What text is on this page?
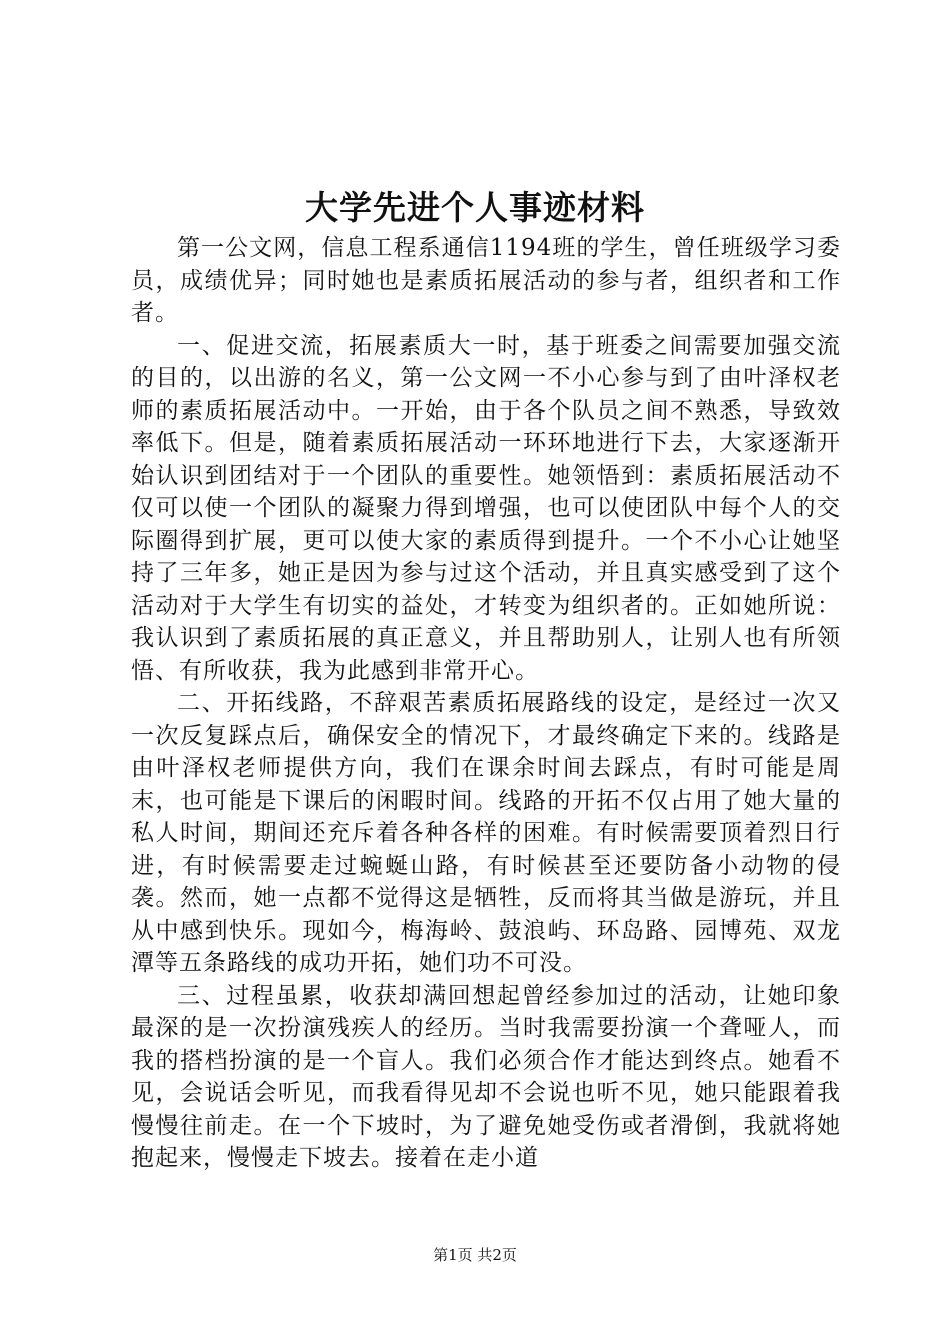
大学先进个人事迹材料

第一公文网，信息工程系通信1194班的学生，曾任班级学习委员，成绩优异；同时她也是素质拓展活动的参与者，组织者和工作者。

一、促进交流，拓展素质大一时，基于班委之间需要加强交流的目的，以出游的名义，第一公文网一不小心参与到了由叶泽权老师的素质拓展活动中。一开始，由于各个队员之间不熟悉，导致效率低下。但是，随着素质拓展活动一环环地进行下去，大家逐渐开始认识到团结对于一个团队的重要性。她领悟到：素质拓展活动不仅可以使一个团队的凝聚力得到增强，也可以使团队中每个人的交际圈得到扩展，更可以使大家的素质得到提升。一个不小心让她坚持了三年多，她正是因为参与过这个活动，并且真实感受到了这个活动对于大学生有切实的益处，才转变为组织者的。正如她所说：我认识到了素质拓展的真正意义，并且帮助别人，让别人也有所领悟、有所收获，我为此感到非常开心。

二、开拓线路，不辞艰苦素质拓展路线的设定，是经过一次又一次反复踩点后，确保安全的情况下，才最终确定下来的。线路是由叶泽权老师提供方向，我们在课余时间去踩点，有时可能是周末，也可能是下课后的闲暇时间。线路的开拓不仅占用了她大量的私人时间，期间还充斥着各种各样的困难。有时候需要顶着烈日行进，有时候需要走过蜿蜒山路，有时候甚至还要防备小动物的侵袭。然而，她一点都不觉得这是牺牲，反而将其当做是游玩，并且从中感到快乐。现如今，梅海岭、鼓浪屿、环岛路、园博苑、双龙潭等五条路线的成功开拓，她们功不可没。

三、过程虽累，收获却满回想起曾经参加过的活动，让她印象最深的是一次扮演残疾人的经历。当时我需要扮演一个聋哑人，而我的搭档扮演的是一个盲人。我们必须合作才能达到终点。她看不见，会说话会听见，而我看得见却不会说也听不见，她只能跟着我慢慢往前走。在一个下坡时，为了避免她受伤或者滑倒，我就将她抱起来，慢慢走下坡去。接着在走小道

第1页 共2页
